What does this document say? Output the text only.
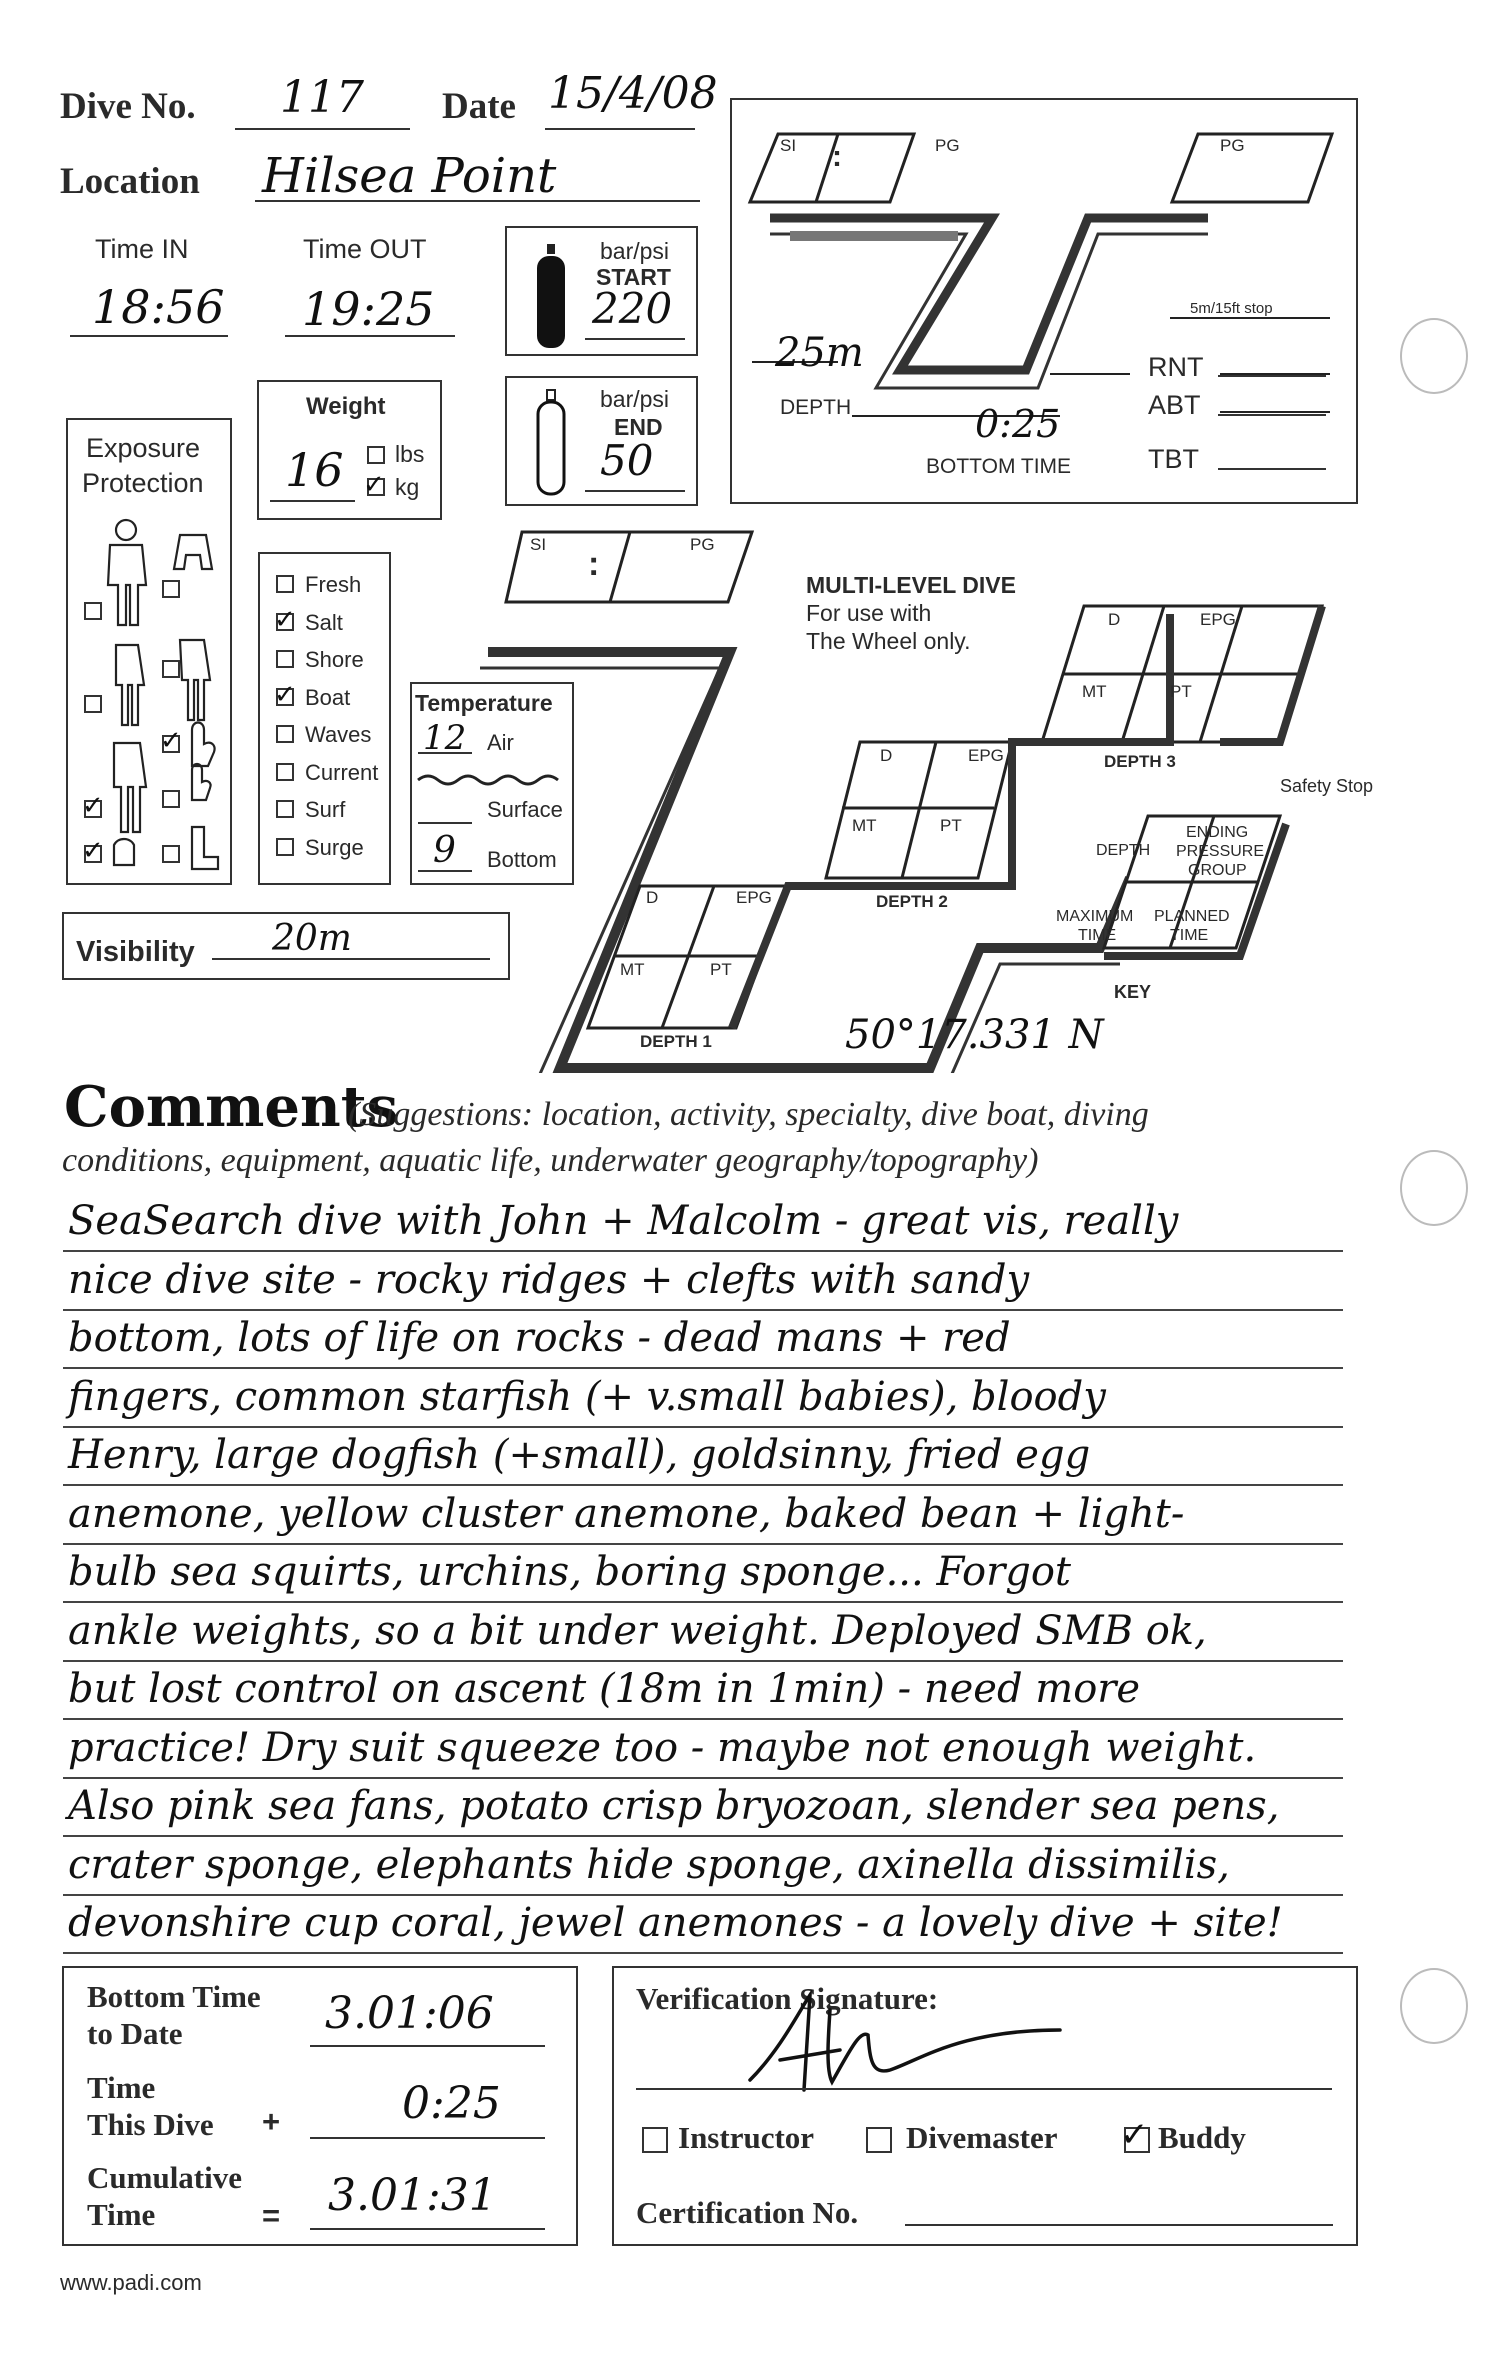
Dive No. 117 Date 15/4/08
Location Hilsea Point
Time IN
18:56
Time OUT
19:25
bar/psi
START
220
bar/psi
END
50
Weight
16 lbs
✓ kg
Exposure
Protection
✓
✓
✓
Fresh
✓ Salt
Shore
✓ Boat
Waves
Current
Surf
Surge
Temperature
12 Air
Surface
9 Bottom
Visibility 20m
SI :	PG	PG
25m
DEPTH	0:25
BOTTOM TIME
5m/15ft stop
RNT
ABT
TBT
SI
:
PG
MULTI-LEVEL DIVE
For use with
The Wheel only.
D	EPG
MT	PT
DEPTH 1
D	EPG
MT	PT
DEPTH 2
D	EPG
MT	PT
DEPTH 3
Safety Stop
DEPTH
ENDING
PRESSURE
GROUP
MAXIMUM
TIME
PLANNED
TIME
KEY
50°17.331 N
Comments
(Suggestions: location, activity, specialty, dive boat, diving
conditions, equipment, aquatic life, underwater geography/topography)
SeaSearch dive with John + Malcolm - great vis, really
nice dive site - rocky ridges + clefts with sandy
bottom, lots of life on rocks - dead mans + red
fingers, common starfish (+ v.small babies), bloody
Henry, large dogfish (+small), goldsinny, fried egg
anemone, yellow cluster anemone, baked bean + light-
bulb sea squirts, urchins, boring sponge... Forgot
ankle weights, so a bit under weight. Deployed SMB ok,
but lost control on ascent (18m in 1min) - need more
practice! Dry suit squeeze too - maybe not enough weight.
Also pink sea fans, potato crisp bryozoan, slender sea pens,
crater sponge, elephants hide sponge, axinella dissimilis,
devonshire cup coral, jewel anemones - a lovely dive + site!
Bottom Time
to Date	3.01:06
Time
This Dive +	0:25
Cumulative
Time	= 3.01:31
Verification Signature:
Instructor	Divemaster ✓ Buddy
Certification No.
www.padi.com
